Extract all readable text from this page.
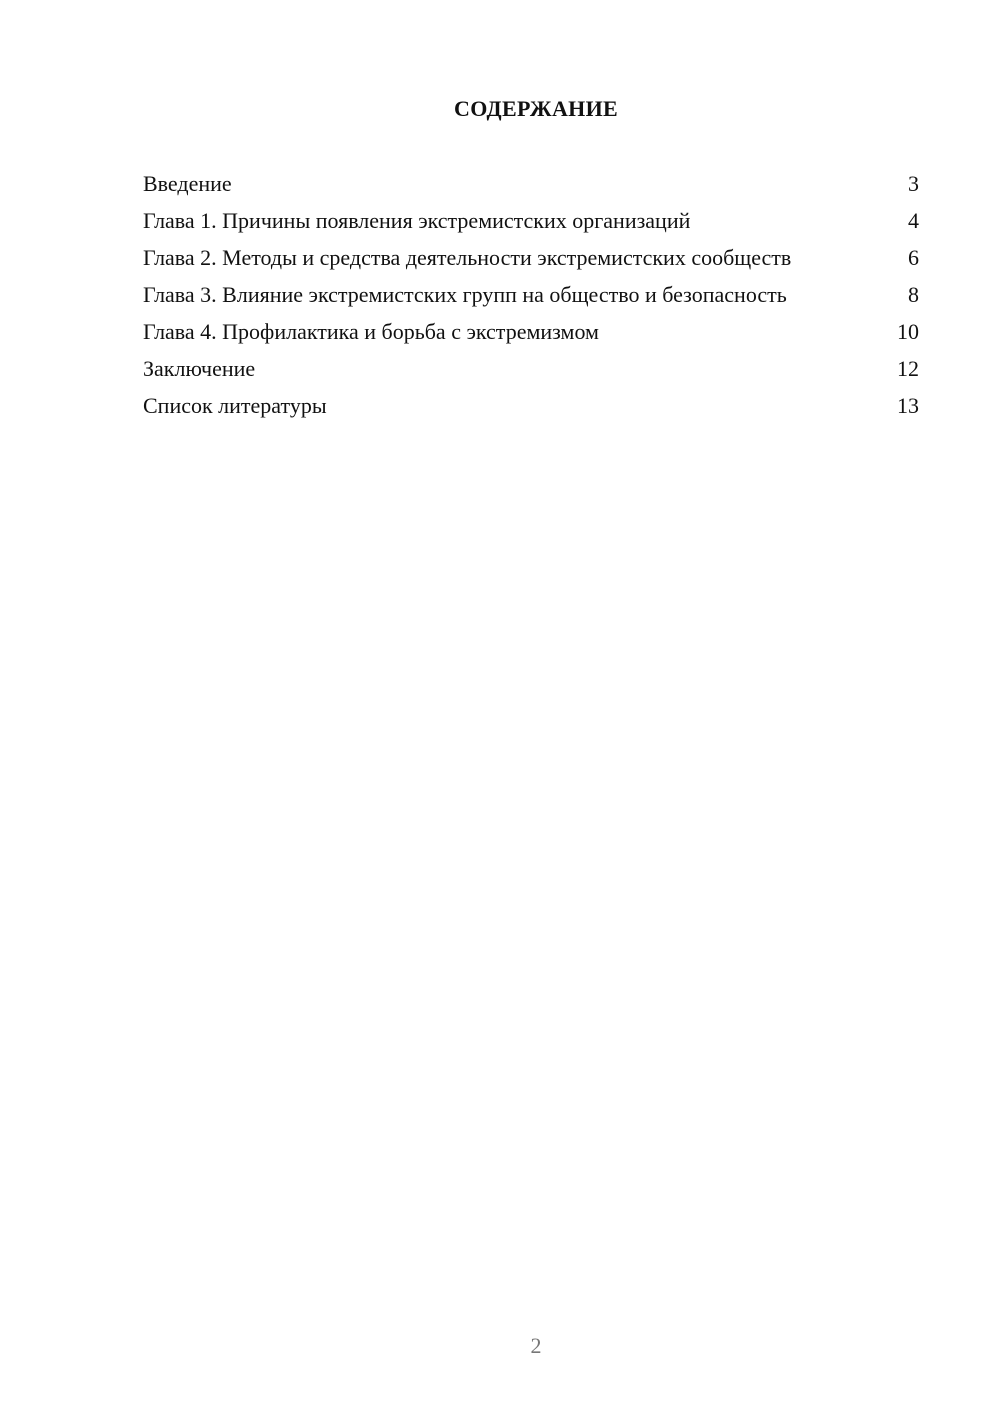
СОДЕРЖАНИЕ
Введение	3
Глава 1. Причины появления экстремистских организаций	4
Глава 2. Методы и средства деятельности экстремистских сообществ	6
Глава 3. Влияние экстремистских групп на общество и безопасность	8
Глава 4. Профилактика и борьба с экстремизмом	10
Заключение	12
Список литературы	13
2
